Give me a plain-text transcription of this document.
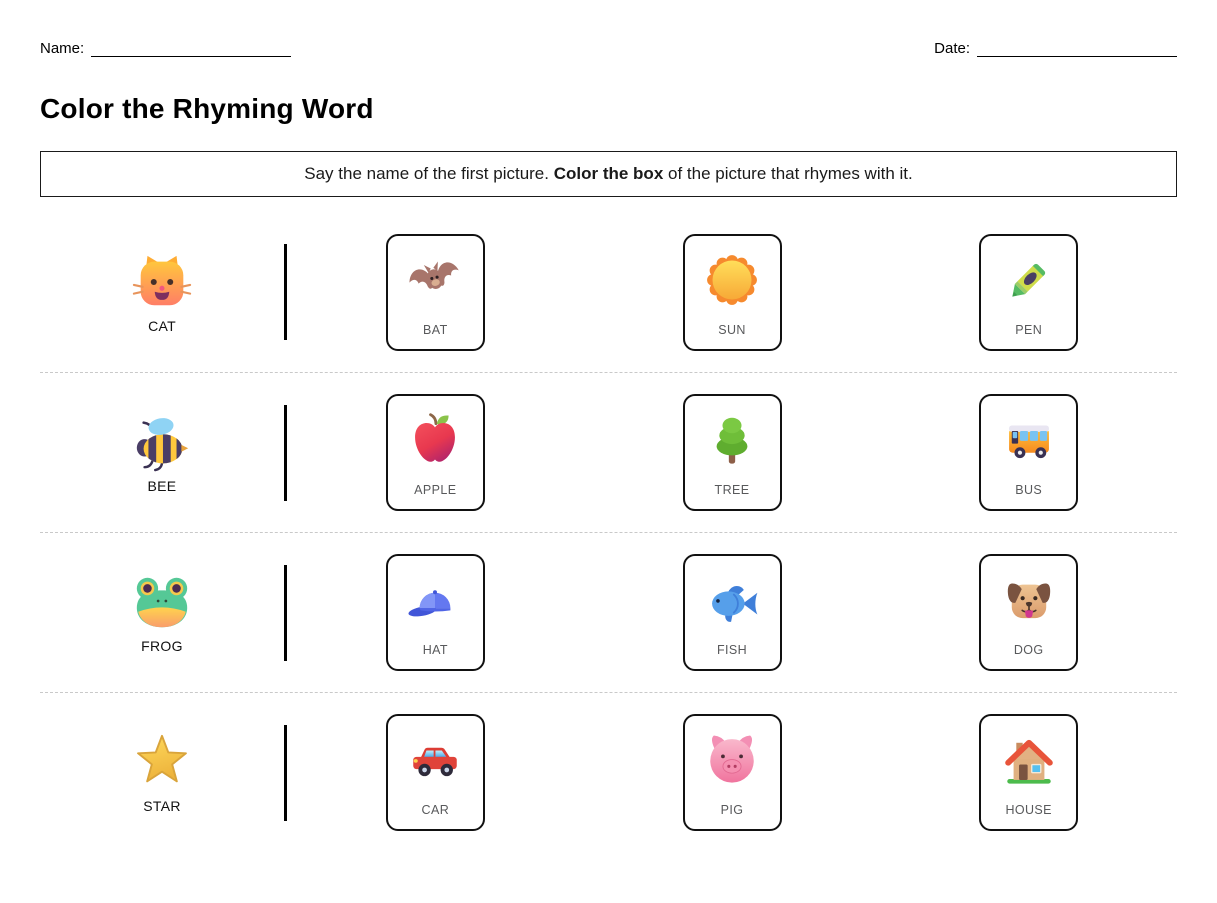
Name:	Date:
Color the Rhyming Word

Say the name of the first picture. Color the box of the picture that rhymes with it.

CAT	BAT	SUN	PEN
BEE	APPLE	TREE	BUS
FROG	HAT	FISH	DOG
STAR	CAR	PIG	HOUSE
